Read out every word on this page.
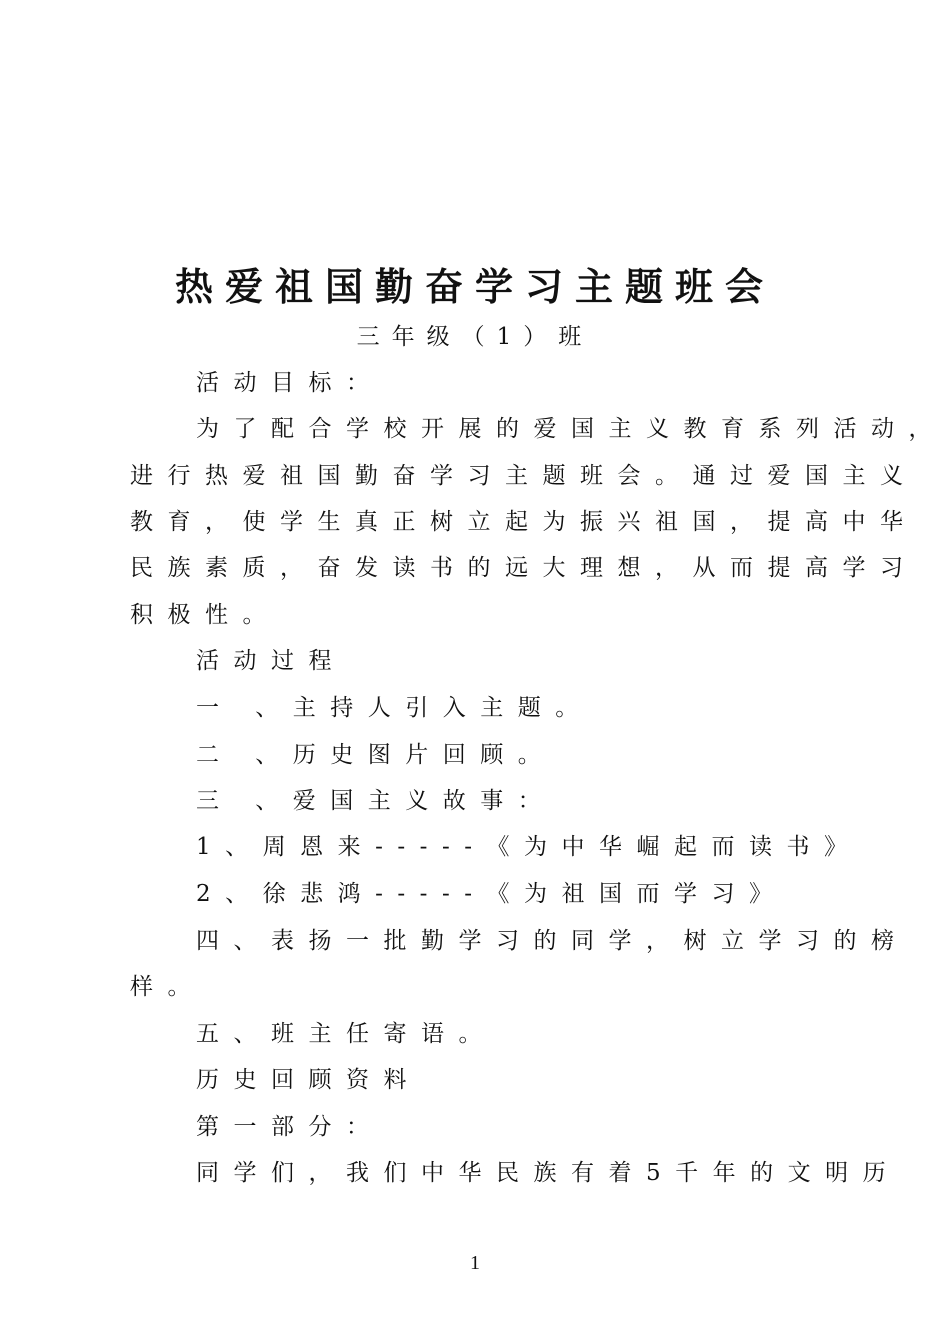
热爱祖国勤奋学习主题班会
三年级（1）班
活动目标：
为了配合学校开展的爱国主义教育系列活动，
进行热爱祖国勤奋学习主题班会。通过爱国主义
教育，使学生真正树立起为振兴祖国，提高中华
民族素质，奋发读书的远大理想，从而提高学习
积极性。
活动过程
一 、主持人引入主题。
二 、历史图片回顾。
三 、爱国主义故事：
1、周恩来-----《为中华崛起而读书》
2、徐悲鸿-----《为祖国而学习》
四、表扬一批勤学习的同学，树立学习的榜
样。
五、班主任寄语。
历史回顾资料
第一部分：
同学们，我们中华民族有着5千年的文明历
1
